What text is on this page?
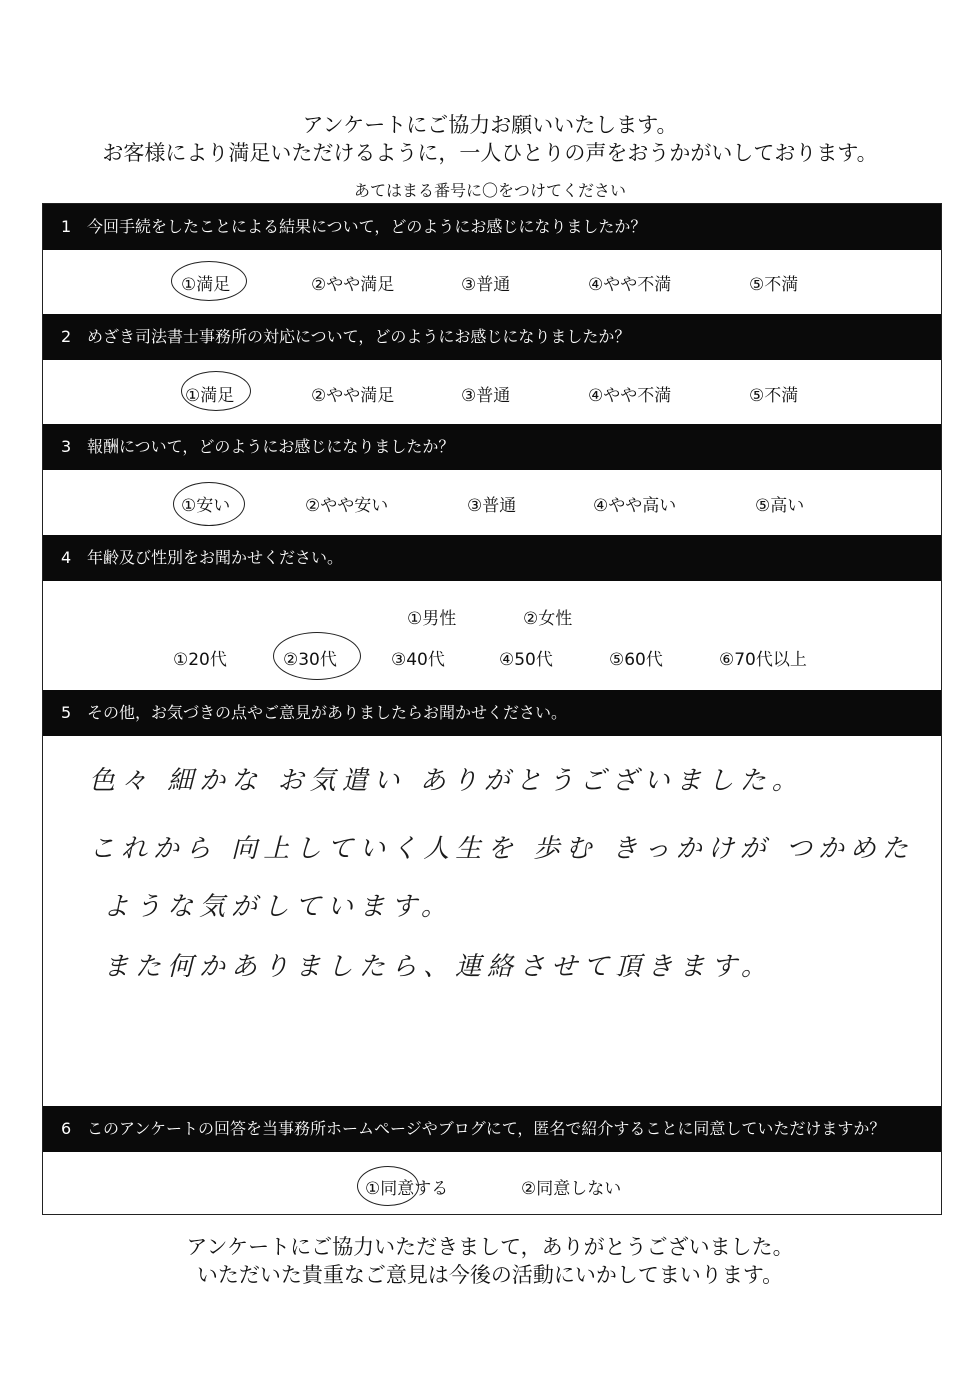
アンケートにご協力お願いいたします。
お客様により満足いただけるように，一人ひとりの声をおうかがいしております。
あてはまる番号に〇をつけてください
1 今回手続をしたことによる結果について，どのようにお感じになりましたか？
①満足	②やや満足	③普通	④やや不満	⑤不満
2 めざき司法書士事務所の対応について，どのようにお感じになりましたか？
①満足	②やや満足	③普通	④やや不満	⑤不満
3 報酬について，どのようにお感じになりましたか？
①安い	②やや安い	③普通	④やや高い	⑤高い
4 年齢及び性別をお聞かせください。
①男性	②女性
①20代	②30代	③40代	④50代	⑤60代	⑥70代以上
5 その他，お気づきの点やご意見がありましたらお聞かせください。
色々 細かな お気遣い ありがとうございました。
これから 向上していく人生を 歩む きっかけが つかめた
ような気がしています。
また何かありましたら、連絡させて頂きます。
6 このアンケートの回答を当事務所ホームページやブログにて，匿名で紹介することに同意していただけますか？
①同意する	②同意しない
アンケートにご協力いただきまして，ありがとうございました。
いただいた貴重なご意見は今後の活動にいかしてまいります。
